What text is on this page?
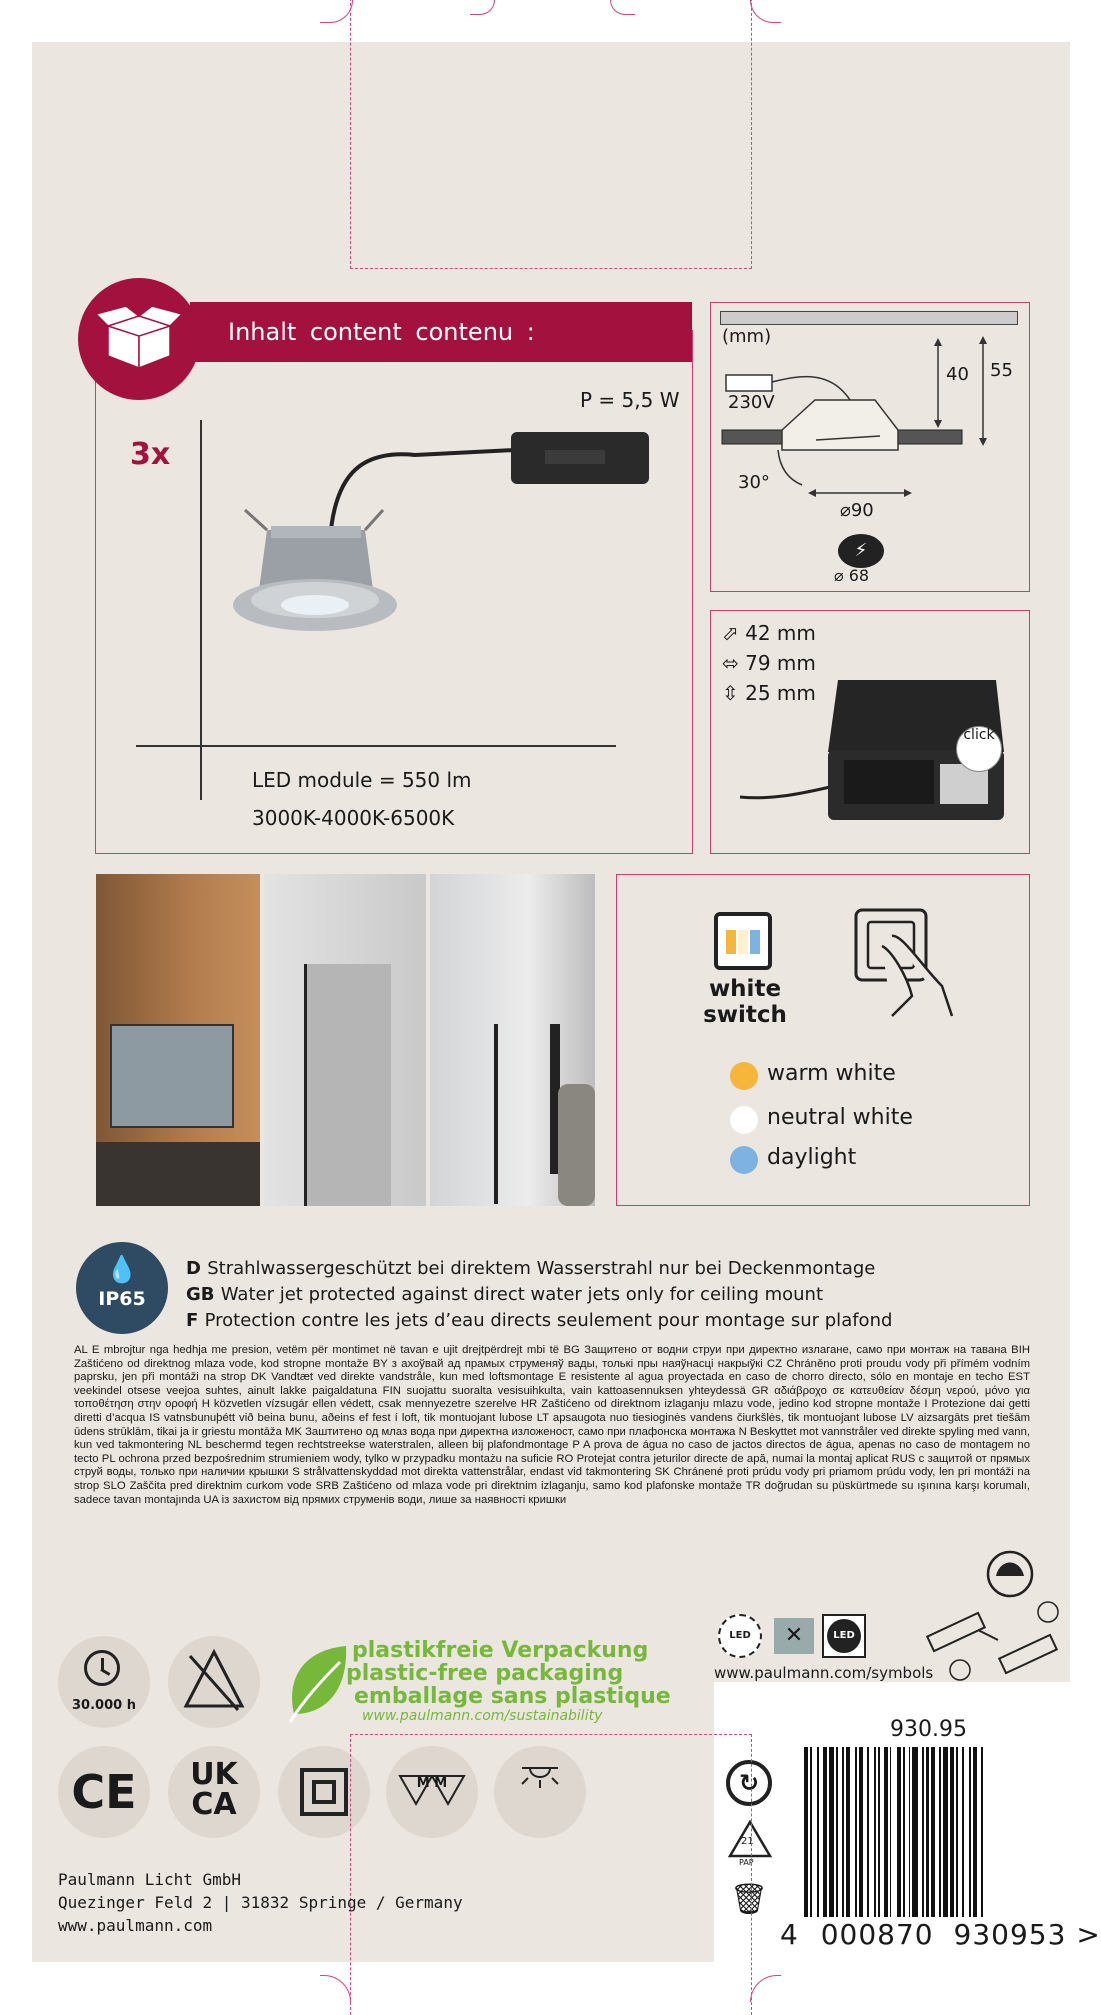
Inhalt content contenu :
3x
P = 5,5 W
LED module = 550 lm
3000K-4000K-6500K
(mm)
230V
40 55
30°
⌀90
⚡
⌀ 68
⬀ 42 mm
⬄ 79 mm
⇳ 25 mm
click
white
switch
warm white
neutral white
daylight
💧
IP65
D Strahlwassergeschützt bei direktem Wasserstrahl nur bei Deckenmontage
GB Water jet protected against direct water jets only for ceiling mount
F Protection contre les jets d’eau directs seulement pour montage sur plafond
AL E mbrojtur nga hedhja me presion, vetëm për montimet në tavan e ujit drejtpërdrejt mbi të BG Защитено от водни струи при директно излагане, само при монтаж на тавана BIH Zaštićeno od direktnog mlaza vode, kod stropne montaže BY з ахоўвай ад прамых струменяў вады, толькі пры наяўнасці накрыўкі CZ Chráněno proti proudu vody při přímém vodním paprsku, jen při montáži na strop DK Vandtæt ved direkte vandstråle, kun med loftsmontage E resistente al agua proyectada en caso de chorro directo, sólo en montaje en techo EST veekindel otsese veejoa suhtes, ainult lakke paigaldatuna FIN suojattu suoralta vesisuihkulta, vain kattoasennuksen yhteydessä GR αδιάβροχο σε κατευθείαν δέσμη νερού, μόνο για τοποθέτηση στην οροφή H közvetlen vízsugár ellen védett, csak mennyezetre szerelve HR Zaštićeno od direktnom izlaganju mlazu vode, jedino kod stropne montaže I Protezione dai getti diretti d’acqua IS vatnsbunuþétt við beina bunu, aðeins ef fest í loft, tik montuojant lubose LT apsaugota nuo tiesioginės vandens čiurkšlės, tik montuojant lubose LV aizsargāts pret tiešām ūdens strūklām, tikai ja ir griestu montāža MK Заштитено од млаз вода при директна изложеност, само при плафонска монтажа N Beskyttet mot vannstråler ved direkte spyling med vann, kun ved takmontering NL beschermd tegen rechtstreekse waterstralen, alleen bij plafondmontage P A prova de água no caso de jactos directos de água, apenas no caso de montagem no tecto PL ochrona przed bezpośrednim strumieniem wody, tylko w przypadku montażu na suficie RO Protejat contra jeturilor directe de apă, numai la montaj aplicat RUS с защитой от прямых струй воды, только при наличии крышки S strålvattenskyddad mot direkta vattenstrålar, endast vid takmontering SK Chránené proti prúdu vody pri priamom prúdu vody, len pri montáži na strop SLO Zaščita pred direktnim curkom vode SRB Zaštićeno od mlaza vode pri direktnim izlaganju, samo kod plafonske montaže TR doğrudan su püskürtmede su ışınına karşı korumalı, sadece tavan montajında UA із захистом від прямих струменів води, лише за наявності кришки
30.000 h
plastikfreie Verpackung
plastic-free packaging
emballage sans plastique
www.paulmann.com/sustainability
CE	UK
CA
M M
LED	✕	LED
www.paulmann.com/symbols
930.95
↻
21
PAP
🗑
4 000870 930953 >
Paulmann Licht GmbH
Quezinger Feld 2 | 31832 Springe / Germany
www.paulmann.com
